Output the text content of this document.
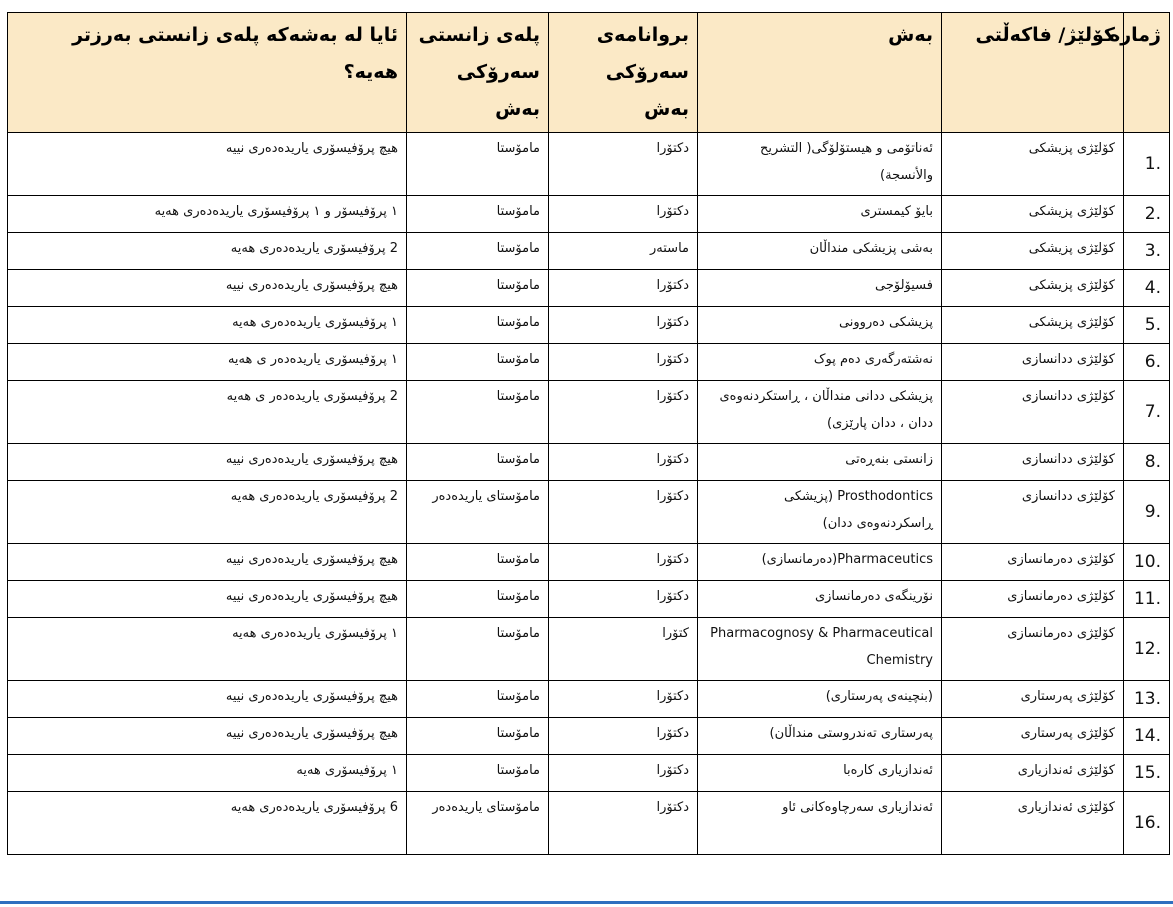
ژمارە	كۆلێژ/ فاكەڵتی	بەش	بروانامەی سەرۆکی بەش	پلەی زانستی سەرۆکی بەش	ئایا لە بەشەكە پلەی زانستی بەرزتر هەیە؟
.1	كۆلێژی پزیشكی	ئەناتۆمی و هیستۆلۆگی( التشريح والأنسجة)	دکتۆرا	مامۆستا	هیچ پرۆفیسۆری یاریدەدەری نییە
.2	كۆلێژی پزیشكی	بایۆ كیمستری	دکتۆرا	مامۆستا	١ پرۆفیسۆر و ١ پرۆفیسۆری یاریدەدەری هەیە
.3	كۆلێژی پزیشكی	بەشی پزیشكی منداڵان	ماستەر	مامۆستا	2 پرۆفیسۆری یاریدەدەری هەیە
.4	كۆلێژی پزیشكی	فسیۆلۆجی	دکتۆرا	مامۆستا	هیچ پرۆفیسۆری یاریدەدەری نییە
.5	كۆلێژی پزیشكی	پزیشكی دەروونی	دکتۆرا	مامۆستا	١ پرۆفیسۆری یاریدەدەری هەیە
.6	كۆلێژی ددانسازی	نەشتەرگەری دەم پوک	دکتۆرا	مامۆستا	١ پرۆفیسۆری یاریدەدەر ی هەیە
.7	كۆلێژی ددانسازی	پزیشكی ددانی منداڵان ، ڕاستكردنەوەی ددان ، ددان پارێزی)	دکتۆرا	مامۆستا	2 پرۆفیسۆری یاریدەدەر ی هەیە
.8	كۆلێژی ددانسازی	زانستی بنەڕەتی	دکتۆرا	مامۆستا	هیچ پرۆفیسۆری یاریدەدەری نییە
.9	كۆلێژی ددانسازی	Prosthodontics (پزیشكی ڕاسكردنەوەی ددان)	دکتۆرا	مامۆستای یاریدەدەر	2 پرۆفیسۆری یاریدەدەری هەیە
.10	كۆلێژی دەرمانسازی	Pharmaceutics(دەرمانسازی)	دکتۆرا	مامۆستا	هیچ پرۆفیسۆری یاریدەدەری نییە
.11	كۆلێژی دەرمانسازی	نۆرینگەی دەرمانسازی	دکتۆرا	مامۆستا	هیچ پرۆفیسۆری یاریدەدەری نییە
.12	كۆلێژی دەرمانسازی	Pharmacognosy & Pharmaceutical Chemistry	كتۆرا	مامۆستا	١ پرۆفیسۆری یاریدەدەری هەیە
.13	كۆلێژی پەرستاری	(بنچینەی پەرستاری)	دکتۆرا	مامۆستا	هیچ پرۆفیسۆری یاریدەدەری نییە
.14	كۆلێژی پەرستاری	پەرستاری تەندروستی منداڵان)	دکتۆرا	مامۆستا	هیچ پرۆفیسۆری یاریدەدەری نییە
.15	كۆلێژی ئەندازیاری	ئەندازیاری كارەبا	دکتۆرا	مامۆستا	١ پرۆفیسۆری هەیە
.16	كۆلێژی ئەندازیاری	ئەندازیاری سەرچاوەكانی ئاو	دکتۆرا	مامۆستای یاریدەدەر	6 پرۆفیسۆری یاریدەدەری هەیە
